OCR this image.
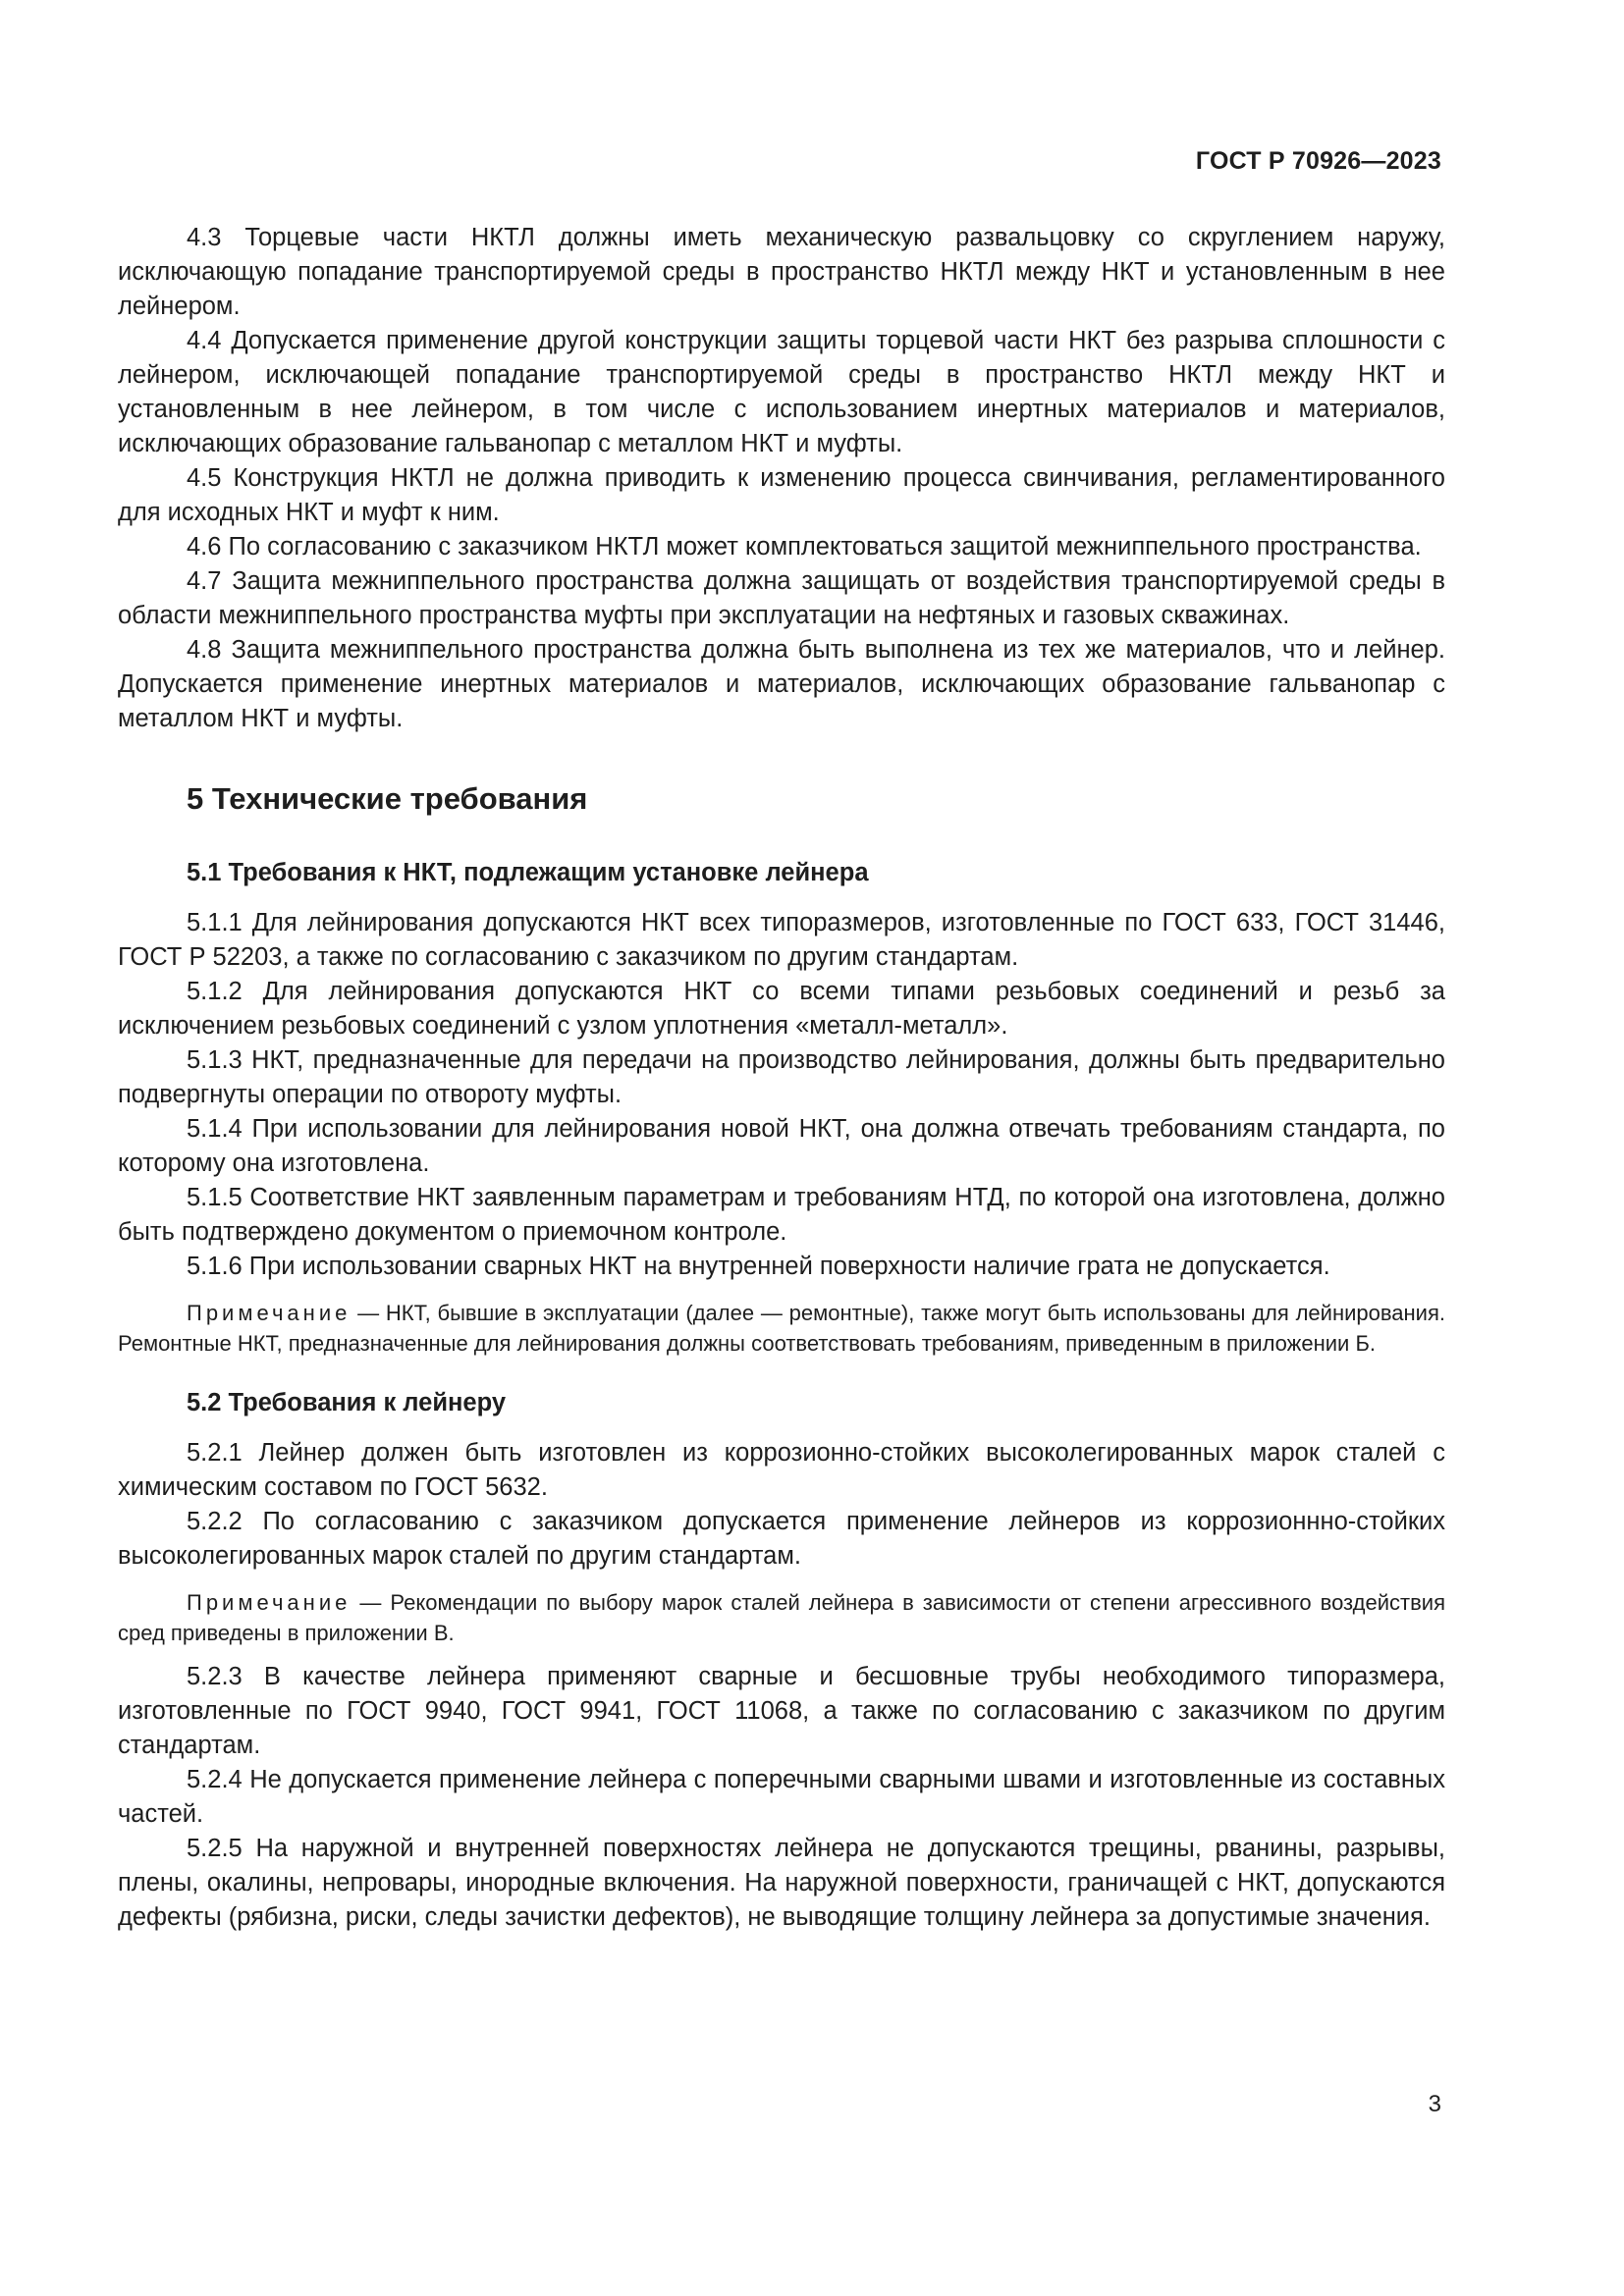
ГОСТ Р 70926—2023

4.3 Торцевые части НКТЛ должны иметь механическую развальцовку со скруглением наружу, исключающую попадание транспортируемой среды в пространство НКТЛ между НКТ и установленным в нее лейнером.

4.4 Допускается применение другой конструкции защиты торцевой части НКТ без разрыва сплошности с лейнером, исключающей попадание транспортируемой среды в пространство НКТЛ между НКТ и установленным в нее лейнером, в том числе с использованием инертных материалов и материалов, исключающих образование гальванопар с металлом НКТ и муфты.

4.5 Конструкция НКТЛ не должна приводить к изменению процесса свинчивания, регламентированного для исходных НКТ и муфт к ним.

4.6 По согласованию с заказчиком НКТЛ может комплектоваться защитой межниппельного пространства.

4.7 Защита межниппельного пространства должна защищать от воздействия транспортируемой среды в области межниппельного пространства муфты при эксплуатации на нефтяных и газовых скважинах.

4.8 Защита межниппельного пространства должна быть выполнена из тех же материалов, что и лейнер. Допускается применение инертных материалов и материалов, исключающих образование гальванопар с металлом НКТ и муфты.

5 Технические требования
5.1 Требования к НКТ, подлежащим установке лейнера

5.1.1 Для лейнирования допускаются НКТ всех типоразмеров, изготовленные по ГОСТ 633, ГОСТ 31446, ГОСТ Р 52203, а также по согласованию с заказчиком по другим стандартам.

5.1.2 Для лейнирования допускаются НКТ со всеми типами резьбовых соединений и резьб за исключением резьбовых соединений с узлом уплотнения «металл-металл».

5.1.3 НКТ, предназначенные для передачи на производство лейнирования, должны быть предварительно подвергнуты операции по отвороту муфты.

5.1.4 При использовании для лейнирования новой НКТ, она должна отвечать требованиям стандарта, по которому она изготовлена.

5.1.5 Соответствие НКТ заявленным параметрам и требованиям НТД, по которой она изготовлена, должно быть подтверждено документом о приемочном контроле.

5.1.6 При использовании сварных НКТ на внутренней поверхности наличие грата не допускается.

Примечание — НКТ, бывшие в эксплуатации (далее — ремонтные), также могут быть использованы для лейнирования. Ремонтные НКТ, предназначенные для лейнирования должны соответствовать требованиям, приведенным в приложении Б.

5.2 Требования к лейнеру

5.2.1 Лейнер должен быть изготовлен из коррозионно-стойких высоколегированных марок сталей с химическим составом по ГОСТ 5632.

5.2.2 По согласованию с заказчиком допускается применение лейнеров из коррозионнно-стойких высоколегированных марок сталей по другим стандартам.

Примечание — Рекомендации по выбору марок сталей лейнера в зависимости от степени агрессивного воздействия сред приведены в приложении В.

5.2.3 В качестве лейнера применяют сварные и бесшовные трубы необходимого типоразмера, изготовленные по ГОСТ 9940, ГОСТ 9941, ГОСТ 11068, а также по согласованию с заказчиком по другим стандартам.

5.2.4 Не допускается применение лейнера с поперечными сварными швами и изготовленные из составных частей.

5.2.5 На наружной и внутренней поверхностях лейнера не допускаются трещины, рванины, разрывы, плены, окалины, непровары, инородные включения. На наружной поверхности, граничащей с НКТ, допускаются дефекты (рябизна, риски, следы зачистки дефектов), не выводящие толщину лейнера за допустимые значения.

3
